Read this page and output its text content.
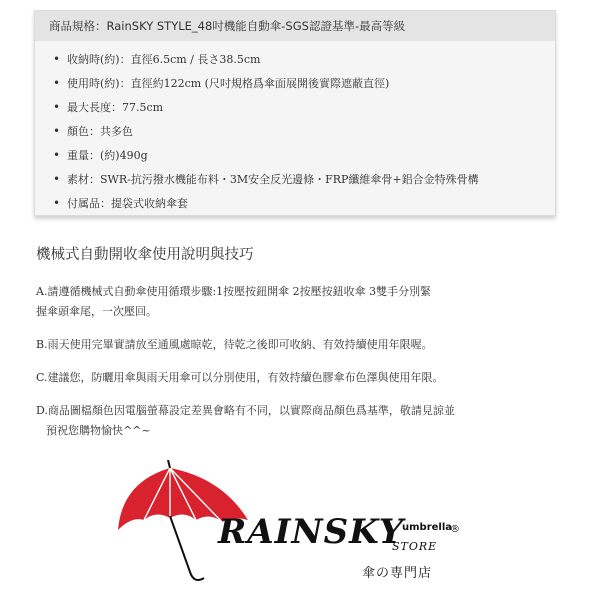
商品規格：RainSKY STYLE_48吋機能自動傘-SGS認證基準-最高等級
• 收納時(約)：直徑6.5cm / 長さ38.5cm
• 使用時(約)：直徑約122cm (尺吋規格爲傘面展開後實際遮蔽直徑)
• 最大長度：77.5cm
• 顏色：共多色
• 重量：(約)490g
• 素材：SWR-抗污撥水機能布料・3M安全反光邊條・FRP纖維傘骨+鋁合金特殊骨構
• 付属品：提袋式收納傘套
機械式自動開收傘使用說明與技巧
A.請遵循機械式自動傘使用循環步驟:1按壓按鈕開傘 2按壓按鈕收傘 3雙手分別緊
握傘頭傘尾，一次壓回。
B.雨天使用完畢實請放至通風處晾乾，待乾之後即可收納、有效持續使用年限喔。
C.建議您，防曬用傘與雨天用傘可以分別使用，有效持續色膠傘布色澤與使用年限。
D.商品圖檔顏色因電腦螢幕設定差異會略有不同，以實際商品顏色爲基準，敬請見諒並
預祝您購物愉快^^~
RAINSKY
umbrella
®
STORE
傘の専門店
